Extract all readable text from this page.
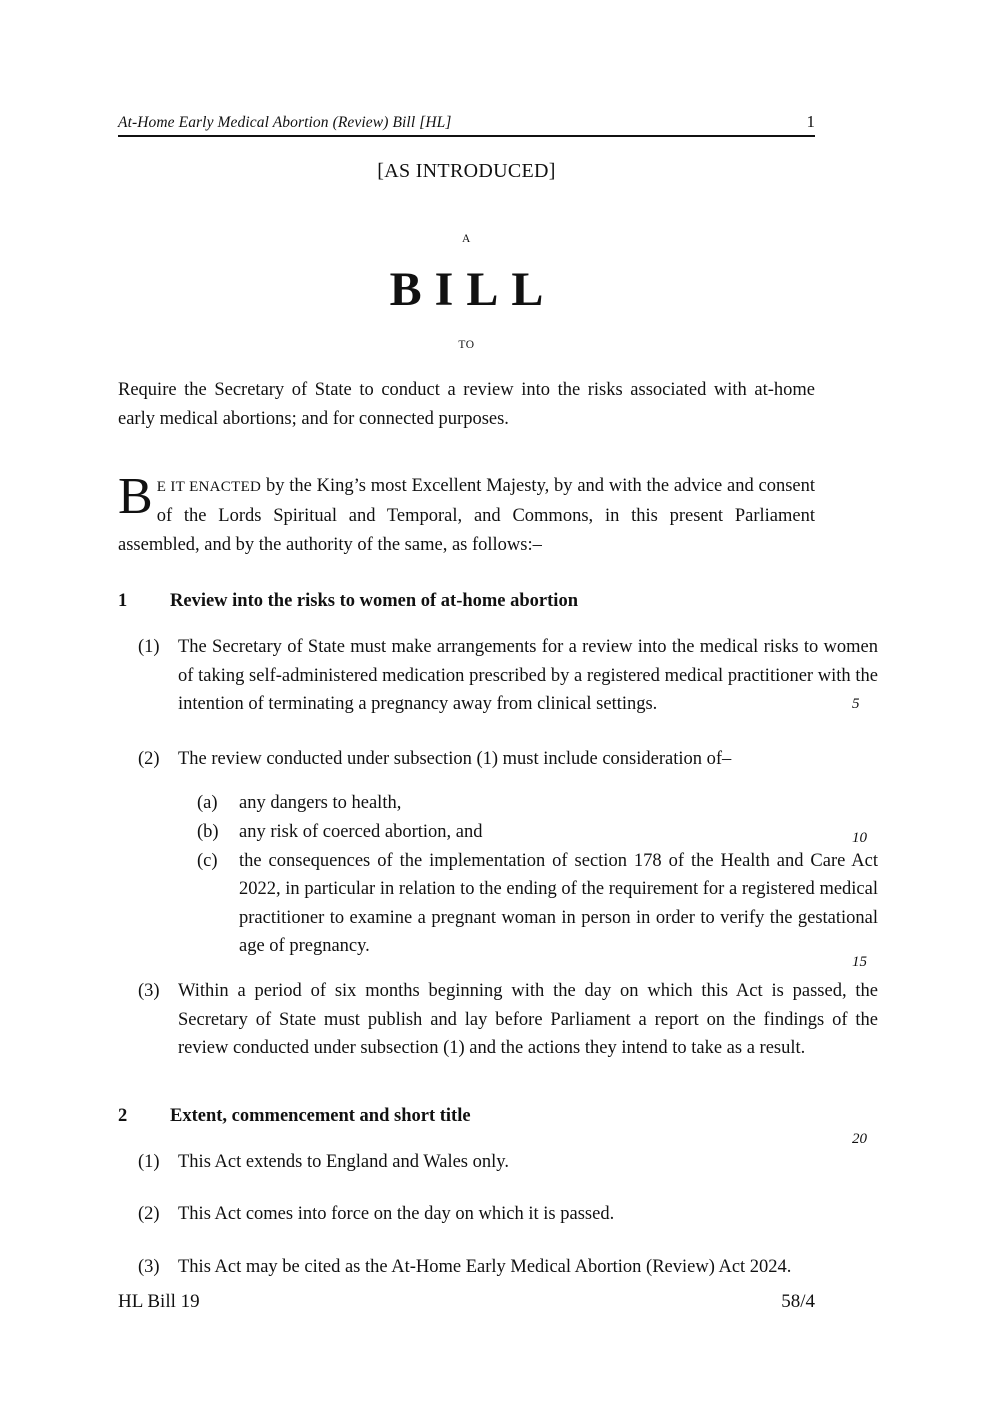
At-Home Early Medical Abortion (Review) Bill [HL]	1
[AS INTRODUCED]
A
BILL
TO
Require the Secretary of State to conduct a review into the risks associated with at-home early medical abortions; and for connected purposes.
B E IT ENACTED by the King’s most Excellent Majesty, by and with the advice and consent of the Lords Spiritual and Temporal, and Commons, in this present Parliament assembled, and by the authority of the same, as follows:–
1	Review into the risks to women of at-home abortion
(1) The Secretary of State must make arrangements for a review into the medical risks to women of taking self-administered medication prescribed by a registered medical practitioner with the intention of terminating a pregnancy away from clinical settings.
(2) The review conducted under subsection (1) must include consideration of–
(a)	any dangers to health,
(b)	any risk of coerced abortion, and
(c)	the consequences of the implementation of section 178 of the Health and Care Act 2022, in particular in relation to the ending of the requirement for a registered medical practitioner to examine a pregnant woman in person in order to verify the gestational age of pregnancy.
(3) Within a period of six months beginning with the day on which this Act is passed, the Secretary of State must publish and lay before Parliament a report on the findings of the review conducted under subsection (1) and the actions they intend to take as a result.
2	Extent, commencement and short title
(1) This Act extends to England and Wales only.
(2) This Act comes into force on the day on which it is passed.
(3) This Act may be cited as the At-Home Early Medical Abortion (Review) Act 2024.
5
10
15
20
HL Bill 19	58/4
